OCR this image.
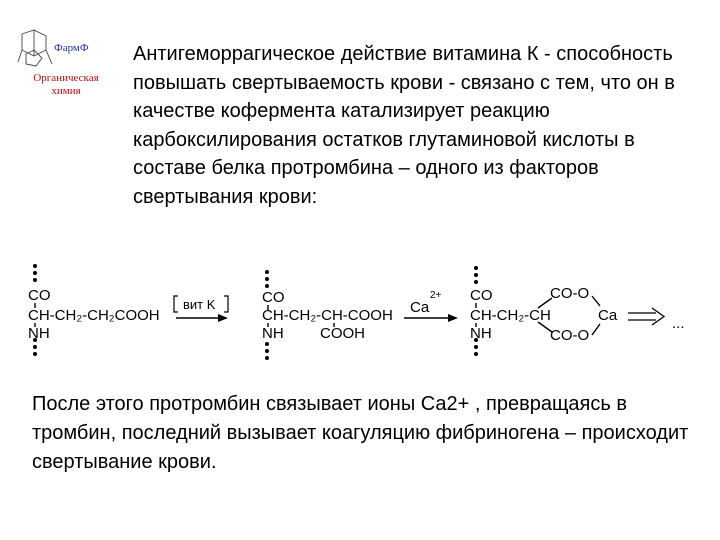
ФармФ
Органическая
химия

Антигеморрагическое действие витамина К - способность повышать свертываемость крови - связано с тем, что он в качестве кофермента катализирует реакцию карбоксилирования остатков глутаминовой кислоты в составе белка протромбина – одного из факторов свертывания крови:

CO
CH-CH₂-CH₂COOH
NH
вит K	CO
CH-CH₂-CH-COOH
NH COOH
Ca
2+ CO
CH-CH₂-CH
NH
CO-O
CO-O
Ca	...

После этого протромбин связывает ионы Са2+ , превращаясь в тромбин, последний вызывает коагуляцию фибриногена – происходит свертывание крови.
